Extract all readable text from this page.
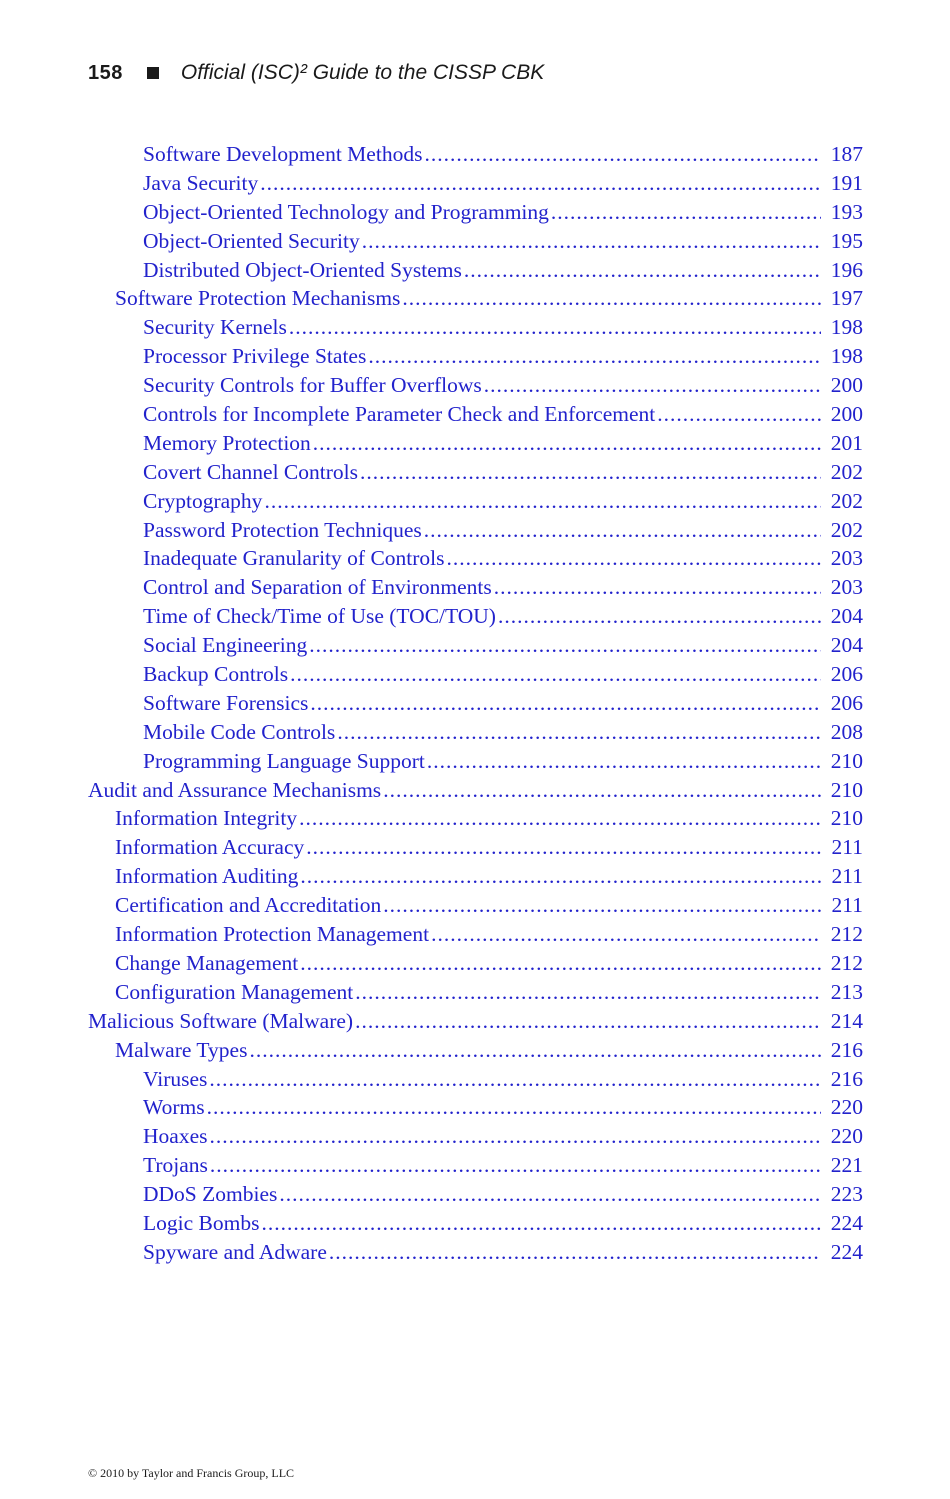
158	Official (ISC)² Guide to the CISSP CBK
Software Development Methods .....	187
Java Security .....	191
Object-Oriented Technology and Programming .....	193
Object-Oriented Security .....	195
Distributed Object-Oriented Systems .....	196
Software Protection Mechanisms .....	197
Security Kernels .....	198
Processor Privilege States .....	198
Security Controls for Buffer Overflows .....	200
Controls for Incomplete Parameter Check and Enforcement .....	200
Memory Protection .....	201
Covert Channel Controls .....	202
Cryptography .....	202
Password Protection Techniques .....	202
Inadequate Granularity of Controls .....	203
Control and Separation of Environments .....	203
Time of Check/Time of Use (TOC/TOU) .....	204
Social Engineering .....	204
Backup Controls .....	206
Software Forensics .....	206
Mobile Code Controls .....	208
Programming Language Support .....	210
Audit and Assurance Mechanisms .....	210
Information Integrity .....	210
Information Accuracy .....	211
Information Auditing .....	211
Certification and Accreditation .....	211
Information Protection Management .....	212
Change Management .....	212
Configuration Management .....	213
Malicious Software (Malware) .....	214
Malware Types .....	216
Viruses .....	216
Worms .....	220
Hoaxes .....	220
Trojans .....	221
DDoS Zombies .....	223
Logic Bombs .....	224
Spyware and Adware .....	224
© 2010 by Taylor and Francis Group, LLC
